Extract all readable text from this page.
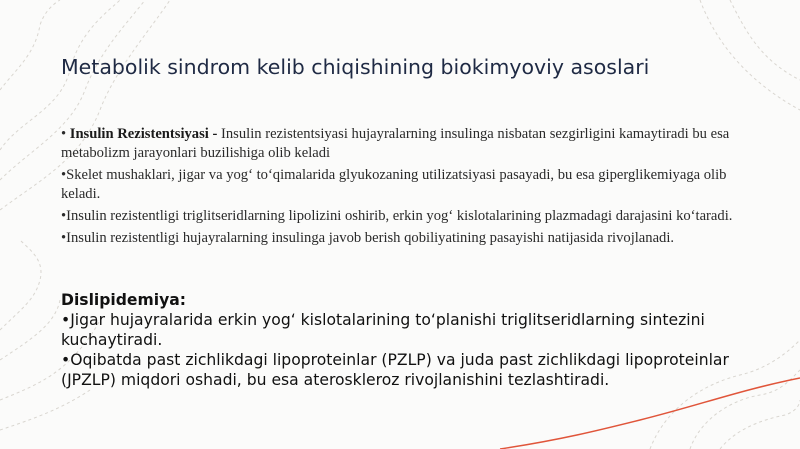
Metabolik sindrom kelib chiqishining biokimyoviy asoslari

• Insulin Rezistentsiyasi - Insulin rezistentsiyasi hujayralarning insulinga nisbatan sezgirligini kamaytiradi bu esa metabolizm jarayonlari buzilishiga olib keladi

•Skelet mushaklari, jigar va yog‘ to‘qimalarida glyukozaning utilizatsiyasi pasayadi, bu esa giperglikemiyaga olib keladi.

•Insulin rezistentligi triglitseridlarning lipolizini oshirib, erkin yog‘ kislotalarining plazmadagi darajasini ko‘taradi.

•Insulin rezistentligi hujayralarning insulinga javob berish qobiliyatining pasayishi natijasida rivojlanadi.

Dislipidemiya:

•Jigar hujayralarida erkin yog‘ kislotalarining to‘planishi triglitseridlarning sintezini kuchaytiradi.

•Oqibatda past zichlikdagi lipoproteinlar (PZLP) va juda past zichlikdagi lipoproteinlar (JPZLP) miqdori oshadi, bu esa ateroskleroz rivojlanishini tezlashtiradi.
